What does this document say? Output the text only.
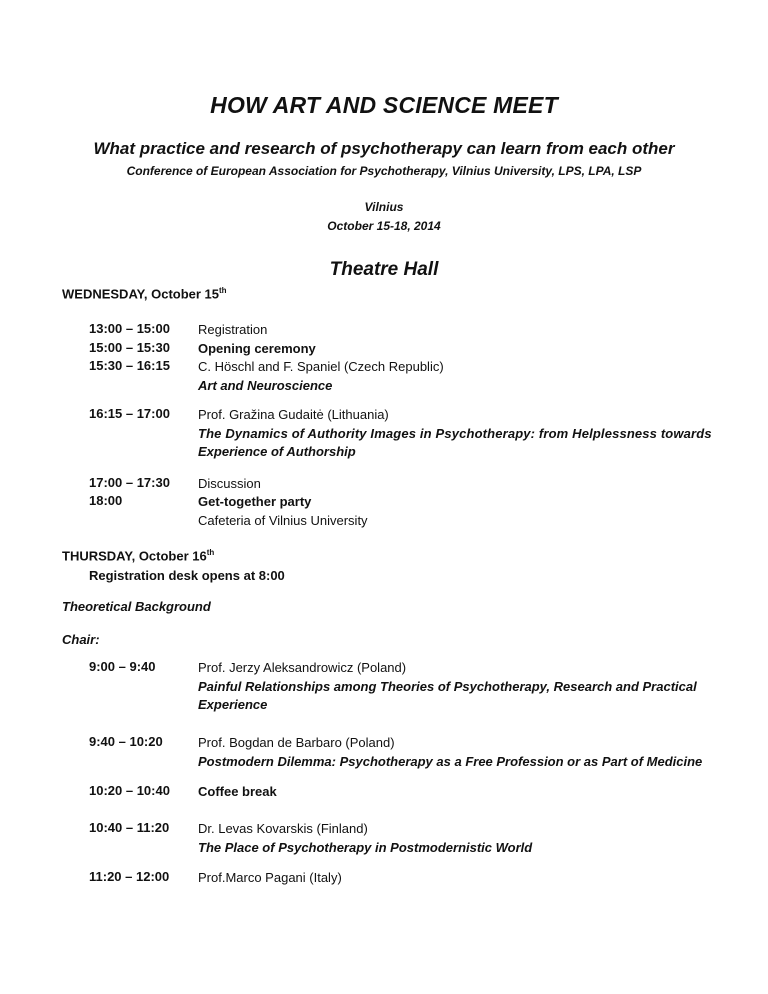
HOW ART AND SCIENCE MEET
What practice and research of psychotherapy can learn from each other
Conference of European Association for Psychotherapy, Vilnius University, LPS, LPA, LSP
Vilnius
October 15-18, 2014
Theatre Hall
WEDNESDAY, October 15th
13:00 – 15:00 Registration
15:00 – 15:30 Opening ceremony
15:30 – 16:15 C. Höschl and F. Spaniel (Czech Republic)
Art and Neuroscience
16:15 – 17:00 Prof. Gražina Gudaitė (Lithuania)
The Dynamics of Authority Images in Psychotherapy: from Helplessness towards
Experience of Authorship
17:00 – 17:30 Discussion
18:00	Get-together party
Cafeteria of Vilnius University
THURSDAY, October 16th
Registration desk opens at 8:00
Theoretical Background
Chair:
9:00 – 9:40	Prof. Jerzy Aleksandrowicz (Poland)
Painful Relationships among Theories of Psychotherapy, Research and Practical
Experience
9:40 – 10:20	Prof. Bogdan de Barbaro (Poland)
Postmodern Dilemma: Psychotherapy as a Free Profession or as Part of Medicine
10:20 – 10:40 Coffee break
10:40 – 11:20 Dr. Levas Kovarskis (Finland)
The Place of Psychotherapy in Postmodernistic World
11:20 – 12:00 Prof.Marco Pagani (Italy)
